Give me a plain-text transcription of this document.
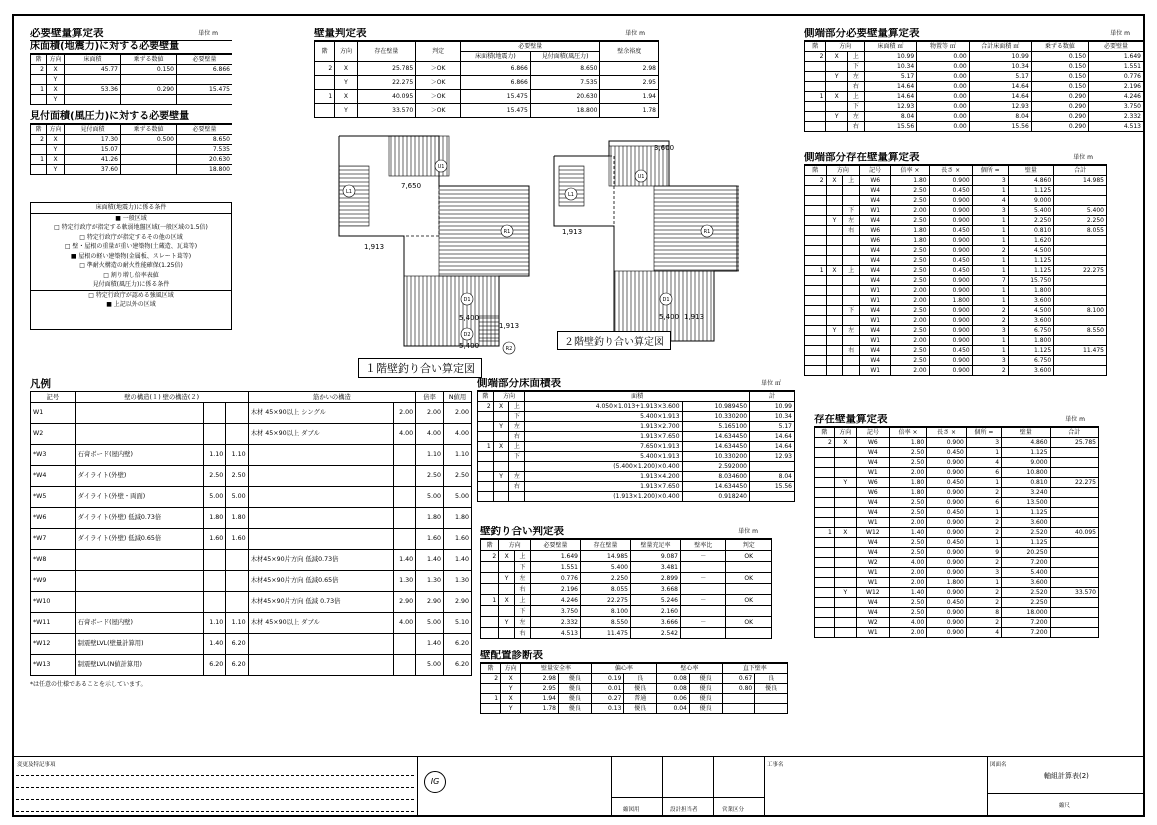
必要壁量算定表	単位 m
床面積(地震力)に対する必要壁量
階	方向	床面積	乗ずる数値	必要壁量
2	X	45.77	0.150	6.866
	Y			
1	X	53.36	0.290	15.475
	Y			
見付面積(風圧力)に対する必要壁量
階	方向	見付面積	乗ずる数値	必要壁量
2	X	17.30	0.500	8.650
	Y	15.07		7.535
1	X	41.26		20.630
	Y	37.60		18.800
床面積(地震力)に係る条件
■ 一般区域
□ 特定行政庁が指定する軟弱地盤区域(一般区域の1.5倍)
□ 特定行政庁が指定するその他の区域
□ 壁・屋根の重量が重い建築物(土蔵造、瓦葺等)
■ 屋根の軽い建築物(金属板、スレート葺等)
□ 準耐火構造の耐火性能確保(1.25倍)
□ 割り増し倍率表値
見付面積(風圧力)に係る条件
□ 特定行政庁が認める強風区域
■ 上記以外の区域
壁量判定表	単位 m
階	方向	存在壁量	判定	必要壁量		壁余裕度
				床面積(地震力)	見付面積(風圧力)	
2	X	25.785	＞OK	6.866	8.650	2.98
	Y	22.275	＞OK	6.866	7.535	2.95
1	X	40.095	＞OK	15.475	20.630	1.94
	Y	33.570	＞OK	15.475	18.800	1.78
L1
U1
R1
D1
D2
R2
1,913
7,650
5,400
5,400
1,913
L1
U1
R1
D1
1,913
3,600
5,400 1,913
２階壁釣り合い算定図
１階壁釣り合い算定図
凡例
記号	壁の構造(１) 壁の構造(２)			筋かいの構造		倍率	N値用
W1				木材 45×90以上 シングル	2.00	2.00	2.00
W2				木材 45×90以上 ダブル	4.00	4.00	4.00
*W3	石膏ボード(屋内壁)	1.10	1.10			1.10	1.10
*W4	ダイライト(外壁)	2.50	2.50			2.50	2.50
*W5	ダイライト(外壁・両面)	5.00	5.00			5.00	5.00
*W6	ダイライト(外壁) 低減0.73倍	1.80	1.80			1.80	1.80
*W7	ダイライト(外壁) 低減0.65倍	1.60	1.60			1.60	1.60
*W8				木材45×90片方向 低減0.73倍	1.40	1.40	1.40
*W9				木材45×90片方向 低減0.65倍	1.30	1.30	1.30
*W10				木材45×90片方向 低減 0.73倍	2.90	2.90	2.90
*W11	石膏ボード(屋内壁)	1.10	1.10	木材 45×90以上 ダブル	4.00	5.00	5.10
*W12	制震壁LVL(壁量計算用)	1.40	6.20			1.40	6.20
*W13	制震壁LVL(N値計算用)	6.20	6.20			5.00	6.20
*は任意の仕様であることを示しています。
側端部分床面積表	単位 ㎡
階	方向		面積		計
2	X	上	4.050×1.013+1.913×3.600	10.989450	10.99
		下	5.400×1.913	10.330200	10.34
	Y	左	1.913×2.700	5.165100	5.17
		右	1.913×7.650	14.634450	14.64
1	X	上	7.650×1.913	14.634450	14.64
		下	5.400×1.913	10.330200	12.93
			(5.400×1.200)×0.400	2.592000	
	Y	左	1.913×4.200	8.034600	8.04
		右	1.913×7.650	14.634450	15.56
			(1.913×1.200)×0.400	0.918240	
壁釣り合い判定表	単位 m
階	方向		必要壁量	存在壁量	壁量充足率	壁率比	判定
2	X	上	1.649	14.985	9.087	－	OK
		下	1.551	5.400	3.481		
	Y	左	0.776	2.250	2.899	－	OK
		右	2.196	8.055	3.668		
1	X	上	4.246	22.275	5.246	－	OK
		下	3.750	8.100	2.160		
	Y	左	2.332	8.550	3.666	－	OK
		右	4.513	11.475	2.542		
壁配置診断表
階	方向	壁量安全率		偏心率		壁心率		直下壁率	
2	X	2.98	優良	0.19	良	0.08	優良	0.67	良
	Y	2.95	優良	0.01	優良	0.08	優良	0.80	優良
1	X	1.94	優良	0.27	普通	0.06	優良		
	Y	1.78	優良	0.13	優良	0.04	優良		
側端部分必要壁量算定表	単位 m
階	方向		床面積 ㎡	物置等 ㎡	合計床面積 ㎡	乗ずる数値	必要壁量
2	X	上	10.99	0.00	10.99	0.150	1.649
		下	10.34	0.00	10.34	0.150	1.551
	Y	左	5.17	0.00	5.17	0.150	0.776
		右	14.64	0.00	14.64	0.150	2.196
1	X	上	14.64	0.00	14.64	0.290	4.246
		下	12.93	0.00	12.93	0.290	3.750
	Y	左	8.04	0.00	8.04	0.290	2.332
		右	15.56	0.00	15.56	0.290	4.513
側端部分存在壁量算定表	単位 m
階	方向		記号	倍率 ×	長さ ×	個所 =	壁量	合計
2	X	上	W6	1.80	0.900	3	4.860	14.985
			W4	2.50	0.450	1	1.125	
			W4	2.50	0.900	4	9.000	
		下	W1	2.00	0.900	3	5.400	5.400
	Y	左	W4	2.50	0.900	1	2.250	2.250
		右	W6	1.80	0.450	1	0.810	8.055
			W6	1.80	0.900	1	1.620	
			W4	2.50	0.900	2	4.500	
			W4	2.50	0.450	1	1.125	
1	X	上	W4	2.50	0.450	1	1.125	22.275
			W4	2.50	0.900	7	15.750	
			W1	2.00	0.900	1	1.800	
			W1	2.00	1.800	1	3.600	
		下	W4	2.50	0.900	2	4.500	8.100
			W1	2.00	0.900	2	3.600	
	Y	左	W4	2.50	0.900	3	6.750	8.550
			W1	2.00	0.900	1	1.800	
		右	W4	2.50	0.450	1	1.125	11.475
			W4	2.50	0.900	3	6.750	
			W1	2.00	0.900	2	3.600	
存在壁量算定表	単位 m
階	方向	記号	倍率 ×	長さ ×	個所 =	壁量	合計
2	X	W6	1.80	0.900	3	4.860	25.785
		W4	2.50	0.450	1	1.125	
		W4	2.50	0.900	4	9.000	
		W1	2.00	0.900	6	10.800	
	Y	W6	1.80	0.450	1	0.810	22.275
		W6	1.80	0.900	2	3.240	
		W4	2.50	0.900	6	13.500	
		W4	2.50	0.450	1	1.125	
		W1	2.00	0.900	2	3.600	
1	X	W12	1.40	0.900	2	2.520	40.095
		W4	2.50	0.450	1	1.125	
		W4	2.50	0.900	9	20.250	
		W2	4.00	0.900	2	7.200	
		W1	2.00	0.900	3	5.400	
		W1	2.00	1.800	1	3.600	
	Y	W12	1.40	0.900	2	2.520	33.570
		W4	2.50	0.450	2	2.250	
		W4	2.50	0.900	8	18.000	
		W2	4.00	0.900	2	7.200	
		W1	2.00	0.900	4	7.200	
変更及特記事項
IG
縮図用	設計担当者	営業区分
工事名	図面名
軸組計算表(2)
縮尺
